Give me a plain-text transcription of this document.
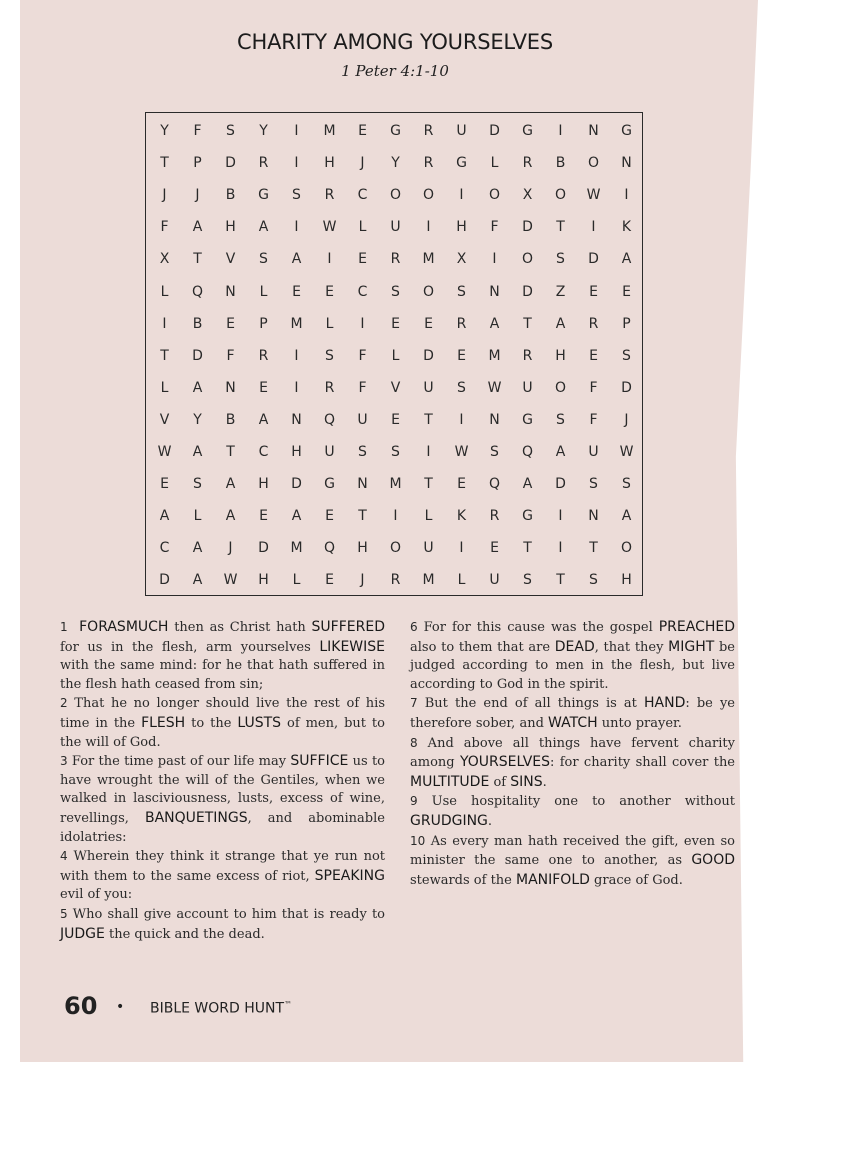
CHARITY AMONG YOURSELVES
1 Peter 4:1-10
Y	F	S	Y	I	M	E	G	R	U	D	G	I	N	G
T	P	D	R	I	H	J	Y	R	G	L	R	B	O	N
J	J	B	G	S	R	C	O	O	I	O	X	O	W	I
F	A	H	A	I	W	L	U	I	H	F	D	T	I	K
X	T	V	S	A	I	E	R	M	X	I	O	S	D	A
L	Q	N	L	E	E	C	S	O	S	N	D	Z	E	E
I	B	E	P	M	L	I	E	E	R	A	T	A	R	P
T	D	F	R	I	S	F	L	D	E	M	R	H	E	S
L	A	N	E	I	R	F	V	U	S	W	U	O	F	D
V	Y	B	A	N	Q	U	E	T	I	N	G	S	F	J
W	A	T	C	H	U	S	S	I	W	S	Q	A	U	W
E	S	A	H	D	G	N	M	T	E	Q	A	D	S	S
A	L	A	E	A	E	T	I	L	K	R	G	I	N	A
C	A	J	D	M	Q	H	O	U	I	E	T	I	T	O
D	A	W	H	L	E	J	R	M	L	U	S	T	S	H

1 FORASMUCH then as Christ hath SUFFERED for us in the flesh, arm yourselves LIKEWISE with the same mind: for he that hath suffered in the flesh hath ceased from sin;

2 That he no longer should live the rest of his time in the FLESH to the LUSTS of men, but to the will of God.

3 For the time past of our life may SUFFICE us to have wrought the will of the Gentiles, when we walked in lasciviousness, lusts, excess of wine, revellings, BANQUETINGS, and abominable idolatries:

4 Wherein they think it strange that ye run not with them to the same excess of riot, SPEAKING evil of you:

5 Who shall give account to him that is ready to JUDGE the quick and the dead.

6 For for this cause was the gospel PREACHED also to them that are DEAD, that they MIGHT be judged according to men in the flesh, but live according to God in the spirit.

7 But the end of all things is at HAND: be ye therefore sober, and WATCH unto prayer.

8 And above all things have fervent charity among YOURSELVES: for charity shall cover the MULTITUDE of SINS.

9 Use hospitality one to another without GRUDGING.

10 As every man hath received the gift, even so minister the same one to another, as GOOD stewards of the MANIFOLD grace of God.

60 • BIBLE WORD HUNT™
